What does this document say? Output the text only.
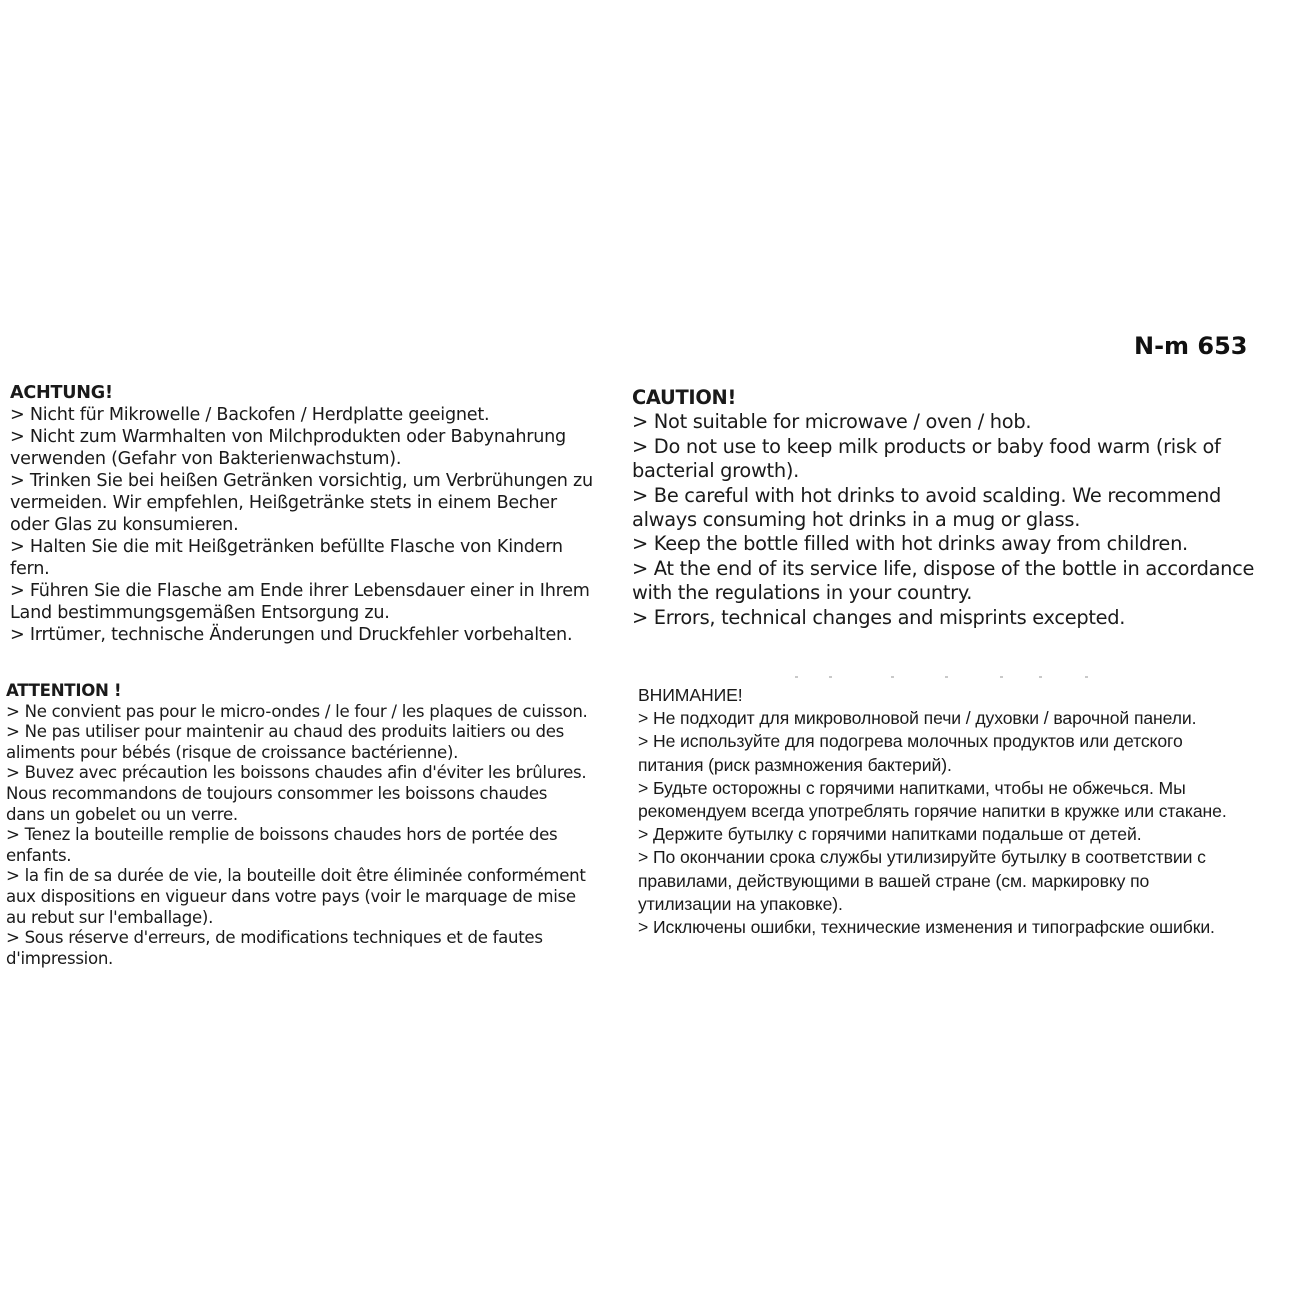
N-m 653
ACHTUNG!
> Nicht für Mikrowelle / Backofen / Herdplatte geeignet.
> Nicht zum Warmhalten von Milchprodukten oder Babynahrung
verwenden (Gefahr von Bakterienwachstum).
> Trinken Sie bei heißen Getränken vorsichtig, um Verbrühungen zu
vermeiden. Wir empfehlen, Heißgetränke stets in einem Becher
oder Glas zu konsumieren.
> Halten Sie die mit Heißgetränken befüllte Flasche von Kindern
fern.
> Führen Sie die Flasche am Ende ihrer Lebensdauer einer in Ihrem
Land bestimmungsgemäßen Entsorgung zu.
> Irrtümer, technische Änderungen und Druckfehler vorbehalten.
CAUTION!
> Not suitable for microwave / oven / hob.
> Do not use to keep milk products or baby food warm (risk of
bacterial growth).
> Be careful with hot drinks to avoid scalding. We recommend
always consuming hot drinks in a mug or glass.
> Keep the bottle filled with hot drinks away from children.
> At the end of its service life, dispose of the bottle in accordance
with the regulations in your country.
> Errors, technical changes and misprints excepted.
ATTENTION !
> Ne convient pas pour le micro-ondes / le four / les plaques de cuisson.
> Ne pas utiliser pour maintenir au chaud des produits laitiers ou des
aliments pour bébés (risque de croissance bactérienne).
> Buvez avec précaution les boissons chaudes afin d'éviter les brûlures.
Nous recommandons de toujours consommer les boissons chaudes
dans un gobelet ou un verre.
> Tenez la bouteille remplie de boissons chaudes hors de portée des
enfants.
> la fin de sa durée de vie, la bouteille doit être éliminée conformément
aux dispositions en vigueur dans votre pays (voir le marquage de mise
au rebut sur l'emballage).
> Sous réserve d'erreurs, de modifications techniques et de fautes
d'impression.
ВНИМАНИЕ!
> Не подходит для микроволновой печи / духовки / варочной панели.
> Не используйте для подогрева молочных продуктов или детского
питания (риск размножения бактерий).
> Будьте осторожны с горячими напитками, чтобы не обжечься. Мы
рекомендуем всегда употреблять горячие напитки в кружке или стакане.
> Держите бутылку с горячими напитками подальше от детей.
> По окончании срока службы утилизируйте бутылку в соответствии с
правилами, действующими в вашей стране (см. маркировку по
утилизации на упаковке).
> Исключены ошибки, технические изменения и типографские ошибки.
